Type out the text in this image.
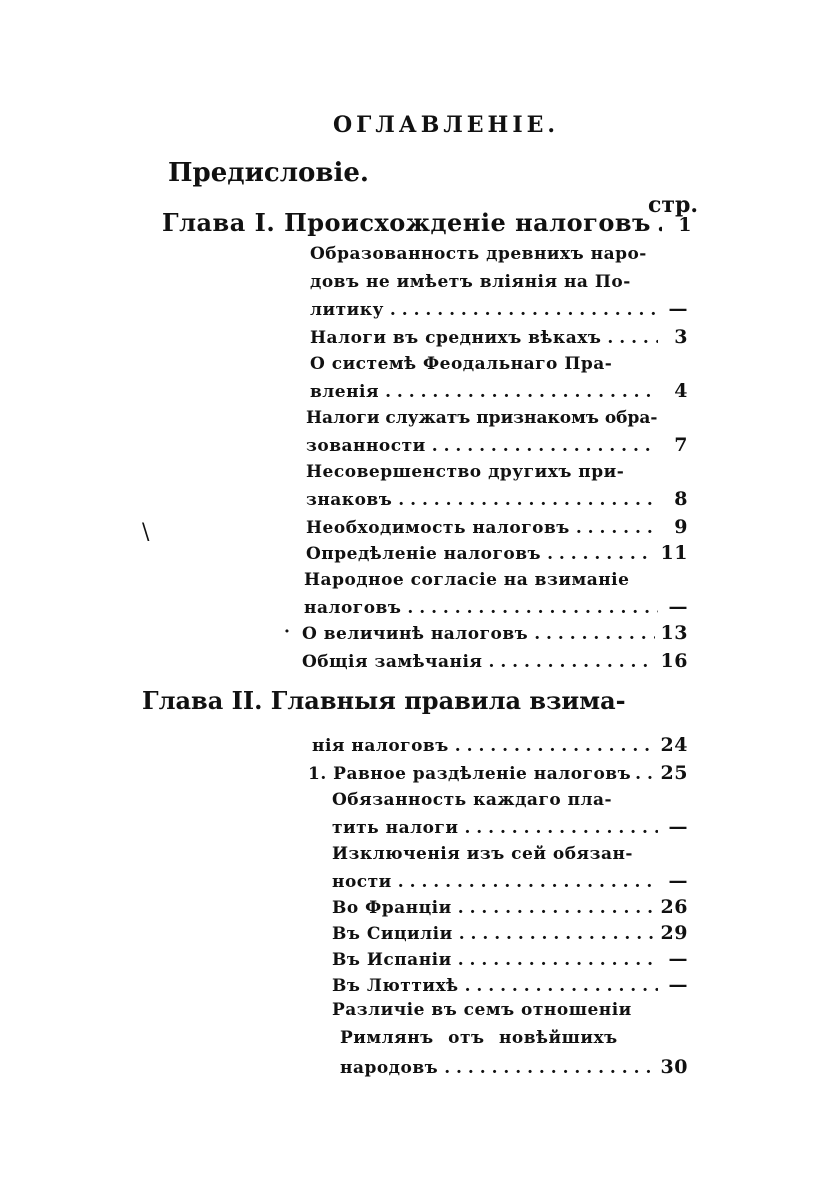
ОГЛАВЛЕНІЕ.
Предисловіе.
стр.
Глава I. Происхожденіе налоговъ . . .	1
Образованность древнихъ наро-
довъ не имѣетъ вліянія на По-
литику . . .	—
Налоги въ среднихъ вѣкахъ . . .	3
О системѣ Феодальнаго Пра-
вленія . . .	4
Налоги служатъ признакомъ обра-
зованности . . .	7
Несовершенство другихъ при-
знаковъ . . .	8
Необходимость налоговъ . . .	9
Опредѣленіе налоговъ . . .	11
Народное согласіе на взиманіе
налоговъ . . .	—
О величинѣ налоговъ . . .	13
Общія замѣчанія . . .	16
\
·
Глава II. Главныя правила взима-
нія налоговъ . . .	24
1. Равное раздѣленіе налоговъ . . . 25
Обязанность каждаго пла-
тить налоги . . .	—
Изключенія изъ сей обязан-
ности . . .	—
Во Франціи . . .	26
Въ Сициліи . . .	29
Въ Испаніи . . .	—
Въ Люттихѣ . . .	—
Различіе въ семъ отношеніи
Римлянъ отъ новѣйшихъ
народовъ . . .	30
